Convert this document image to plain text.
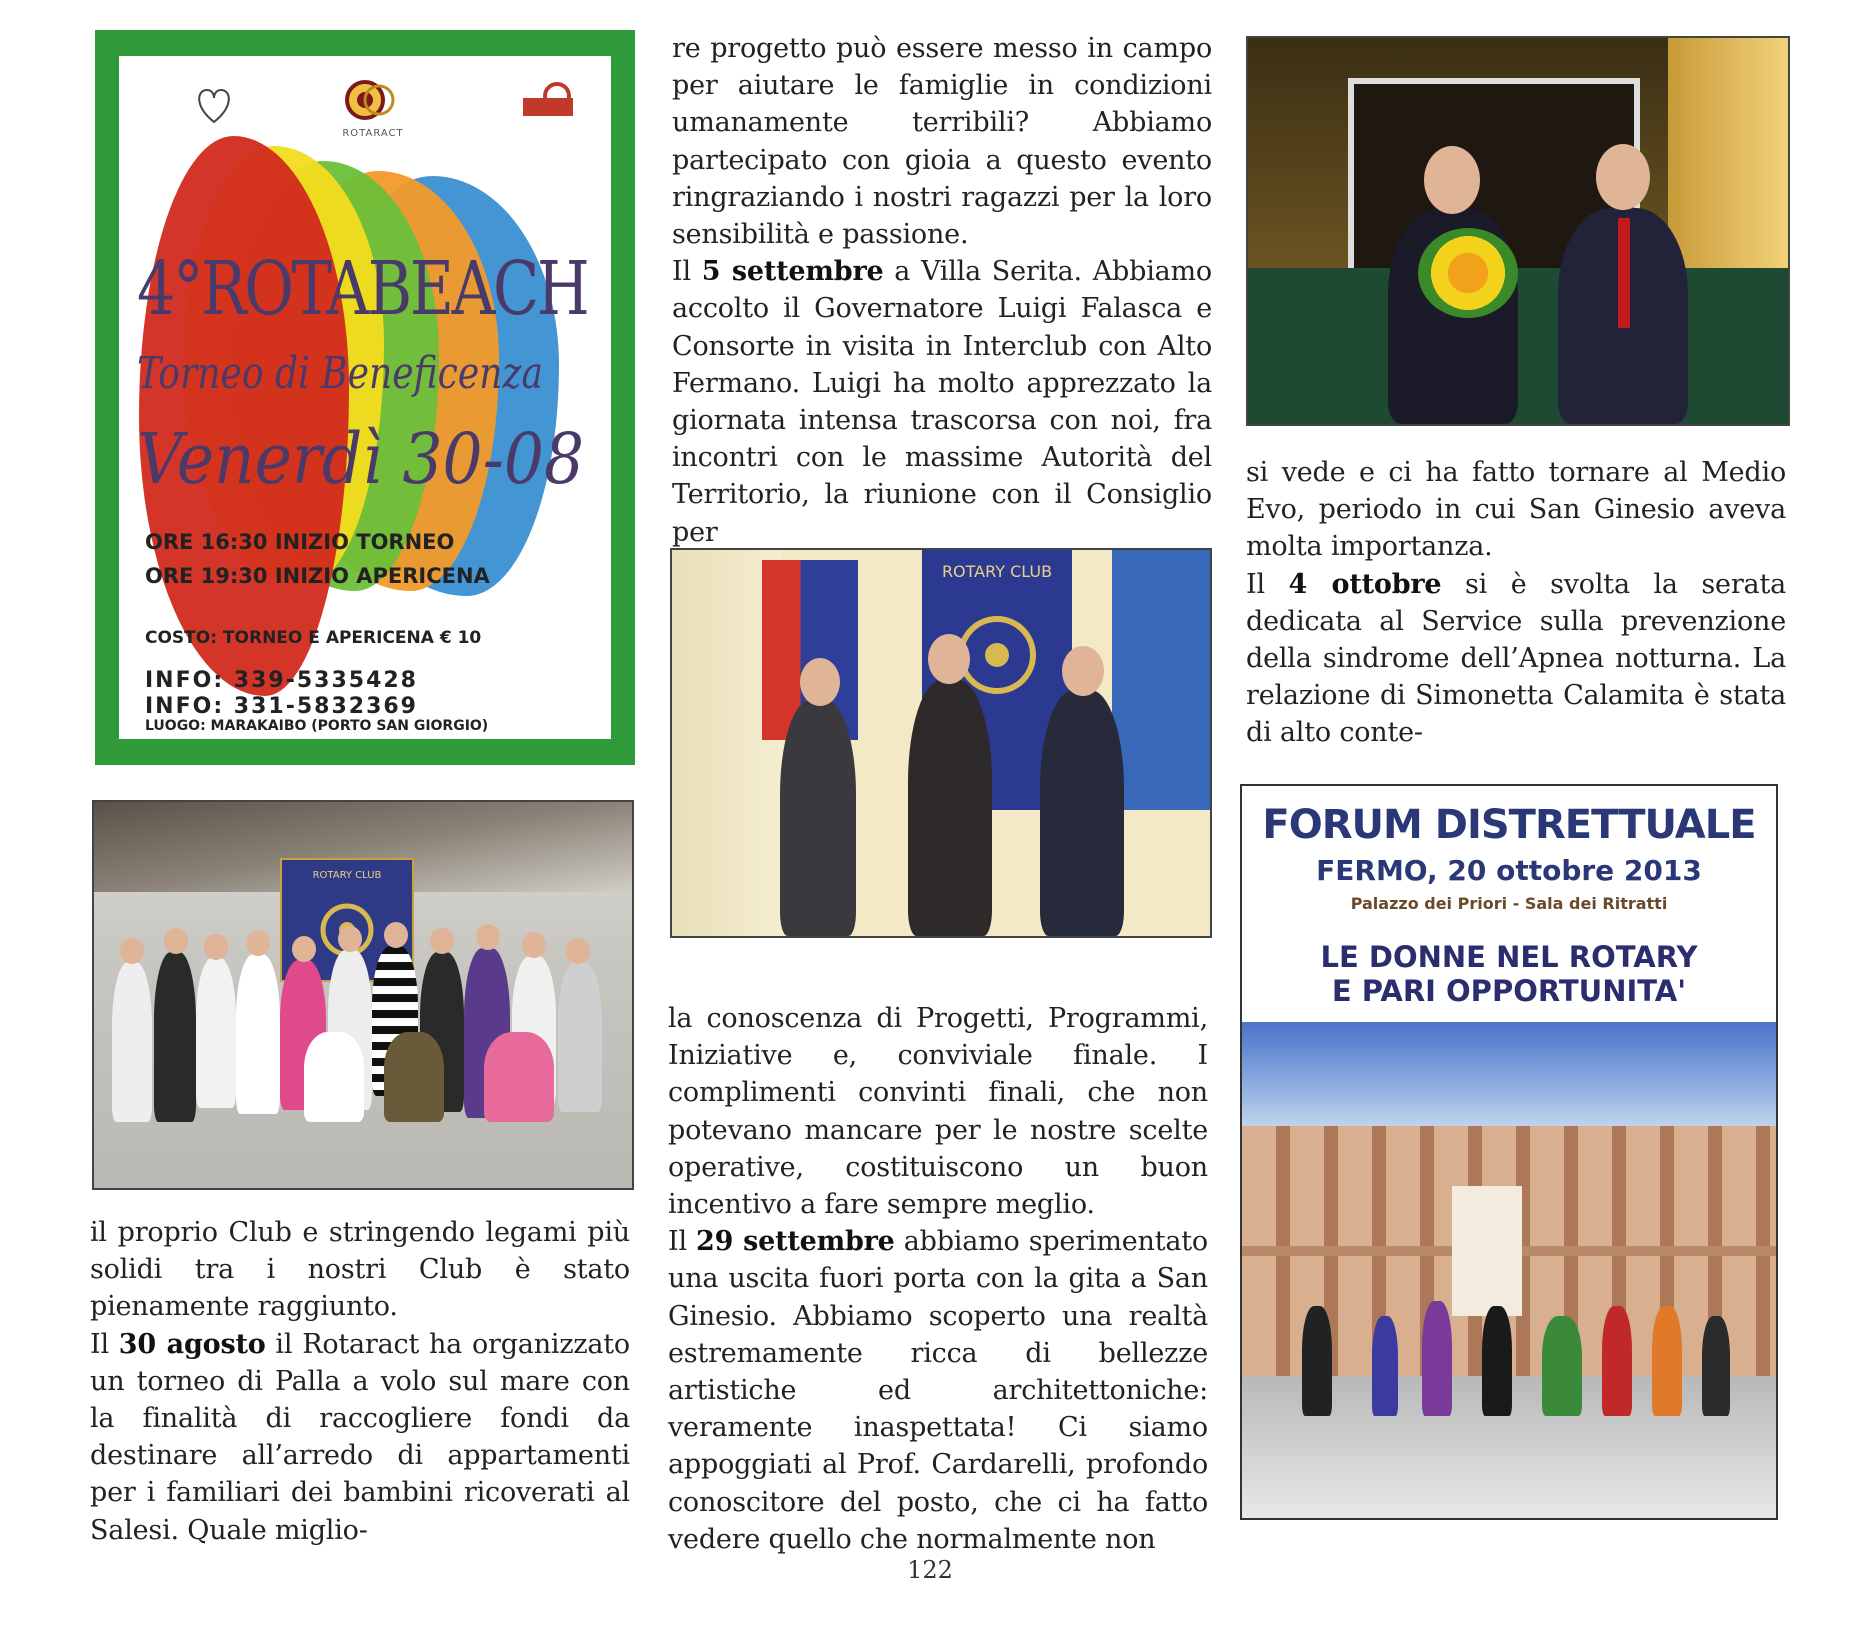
ROTARACT
4°ROTABEACH
Torneo di Beneficenza
Venerdì 30-08
ORE 16:30 INIZIO TORNEO
ORE 19:30 INIZIO APERICENA
COSTO: TORNEO E APERICENA € 10
INFO: 339-5335428
INFO: 331-5832369
LUOGO: MARAKAIBO (PORTO SAN GIORGIO)
ROTARY CLUB

il proprio Club e stringendo legami più solidi tra i nostri Club è stato pienamente raggiunto.

Il 30 agosto il Rotaract ha organizzato un torneo di Palla a volo sul mare con la finalità di raccogliere fondi da destinare all’arredo di appartamenti per i familiari dei bambini ricoverati al Salesi. Quale miglio-

re progetto può essere messo in campo per aiutare le famiglie in condizioni umanamente terribili? Abbiamo partecipato con gioia a questo evento ringraziando i nostri ragazzi per la loro sensibilità e passione.

Il 5 settembre a Villa Serita. Abbiamo accolto il Governatore Luigi Falasca e Consorte in visita in Interclub con Alto Fermano. Luigi ha molto apprezzato la giornata intensa trascorsa con noi, fra incontri con le massime Autorità del Territorio, la riunione con il Consiglio per

ROTARY CLUB

la conoscenza di Progetti, Programmi, Iniziative e, conviviale finale. I complimenti convinti finali, che non potevano mancare per le nostre scelte operative, costituiscono un buon incentivo a fare sempre meglio.

Il 29 settembre abbiamo sperimentato una uscita fuori porta con la gita a San Ginesio. Abbiamo scoperto una realtà estremamente ricca di bellezze artistiche ed architettoniche: veramente inaspettata! Ci siamo appoggiati al Prof. Cardarelli, profondo conoscitore del posto, che ci ha fatto vedere quello che normalmente non

si vede e ci ha fatto tornare al Medio Evo, periodo in cui San Ginesio aveva molta importanza.

Il 4 ottobre si è svolta la serata dedicata al Service sulla prevenzione della sindrome dell’Apnea notturna. La relazione di Simonetta Calamita è stata di alto conte-

FORUM DISTRETTUALE
FERMO, 20 ottobre 2013
Palazzo dei Priori - Sala dei Ritratti
LE DONNE NEL ROTARY
E PARI OPPORTUNITA'
122
